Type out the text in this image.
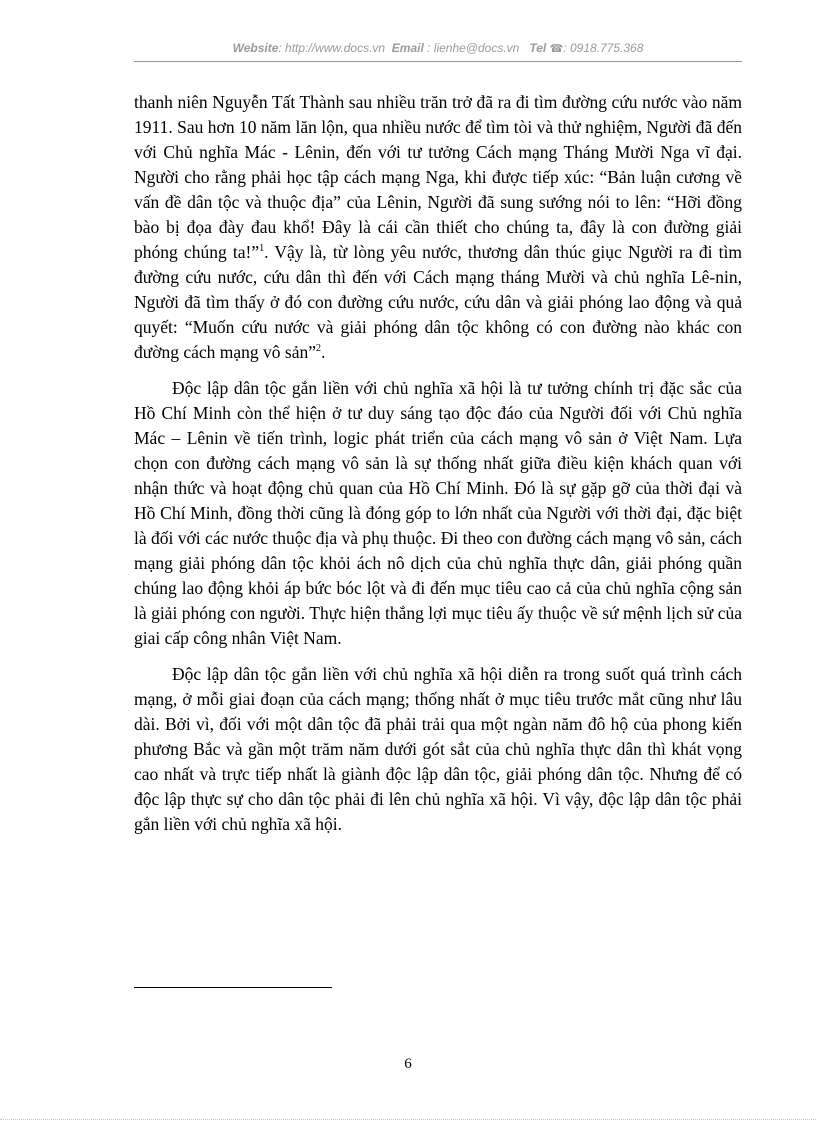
Website: http://www.docs.vn Email : lienhe@docs.vn Tel ☎: 0918.775.368

thanh niên Nguyễn Tất Thành sau nhiều trăn trở đã ra đi tìm đường cứu nước vào năm 1911. Sau hơn 10 năm lăn lộn, qua nhiều nước để tìm tòi và thử nghiệm, Người đã đến với Chủ nghĩa Mác - Lênin, đến với tư tưởng Cách mạng Tháng Mười Nga vĩ đại. Người cho rằng phải học tập cách mạng Nga, khi được tiếp xúc: “Bản luận cương về vấn đề dân tộc và thuộc địa” của Lênin, Người đã sung sướng nói to lên: “Hỡi đồng bào bị đọa đày đau khổ! Đây là cái cần thiết cho chúng ta, đây là con đường giải phóng chúng ta!”$^1$. Vậy là, từ lòng yêu nước, thương dân thúc giục Người ra đi tìm đường cứu nước, cứu dân thì đến với Cách mạng tháng Mười và chủ nghĩa Lê-nin, Người đã tìm thấy ở đó con đường cứu nước, cứu dân và giải phóng lao động và quả quyết: “Muốn cứu nước và giải phóng dân tộc không có con đường nào khác con đường cách mạng vô sản”$^2$.

Độc lập dân tộc gắn liền với chủ nghĩa xã hội là tư tưởng chính trị đặc sắc của Hồ Chí Minh còn thể hiện ở tư duy sáng tạo độc đáo của Người đối với Chủ nghĩa Mác – Lênin về tiến trình, logic phát triển của cách mạng vô sản ở Việt Nam. Lựa chọn con đường cách mạng vô sản là sự thống nhất giữa điều kiện khách quan với nhận thức và hoạt động chủ quan của Hồ Chí Minh. Đó là sự gặp gỡ của thời đại và Hồ Chí Minh, đồng thời cũng là đóng góp to lớn nhất của Người với thời đại, đặc biệt là đối với các nước thuộc địa và phụ thuộc. Đi theo con đường cách mạng vô sản, cách mạng giải phóng dân tộc khỏi ách nô dịch của chủ nghĩa thực dân, giải phóng quần chúng lao động khỏi áp bức bóc lột và đi đến mục tiêu cao cả của chủ nghĩa cộng sản là giải phóng con người. Thực hiện thắng lợi mục tiêu ấy thuộc về sứ mệnh lịch sử của giai cấp công nhân Việt Nam.

Độc lập dân tộc gắn liền với chủ nghĩa xã hội diễn ra trong suốt quá trình cách mạng, ở mỗi giai đoạn của cách mạng; thống nhất ở mục tiêu trước mắt cũng như lâu dài. Bởi vì, đối với một dân tộc đã phải trải qua một ngàn năm đô hộ của phong kiến phương Bắc và gần một trăm năm dưới gót sắt của chủ nghĩa thực dân thì khát vọng cao nhất và trực tiếp nhất là giành độc lập dân tộc, giải phóng dân tộc. Nhưng để có độc lập thực sự cho dân tộc phải đi lên chủ nghĩa xã hội. Vì vậy, độc lập dân tộc phải gắn liền với chủ nghĩa xã hội.

6
